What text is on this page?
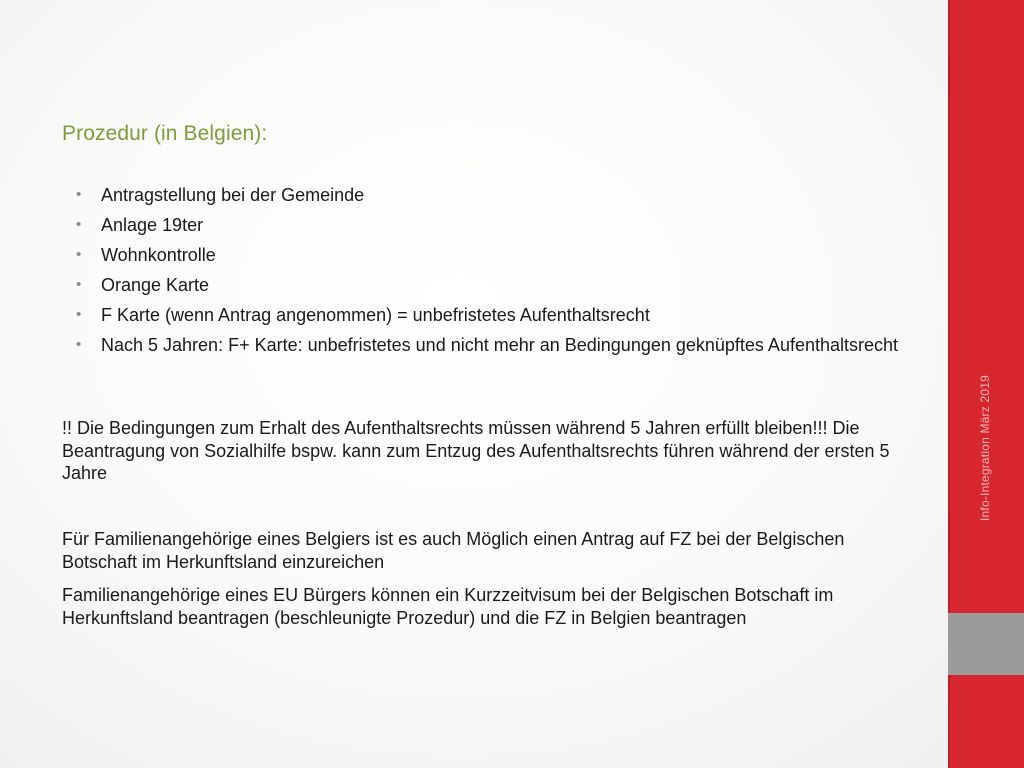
Prozedur (in Belgien):
• Antragstellung bei der Gemeinde
• Anlage 19ter
• Wohnkontrolle
• Orange Karte
• F Karte (wenn Antrag angenommen) = unbefristetes Aufenthaltsrecht
• Nach 5 Jahren: F+ Karte: unbefristetes und nicht mehr an Bedingungen geknüpftes Aufenthaltsrecht

!! Die Bedingungen zum Erhalt des Aufenthaltsrechts müssen während 5 Jahren erfüllt bleiben!!! Die Beantragung von Sozialhilfe bspw. kann zum Entzug des Aufenthaltsrechts führen während der ersten 5 Jahre

Für Familienangehörige eines Belgiers ist es auch Möglich einen Antrag auf FZ bei der Belgischen Botschaft im Herkunftsland einzureichen

Familienangehörige eines EU Bürgers können ein Kurzzeitvisum bei der Belgischen Botschaft im Herkunftsland beantragen (beschleunigte Prozedur) und die FZ in Belgien beantragen

Info-Integration März 2019
